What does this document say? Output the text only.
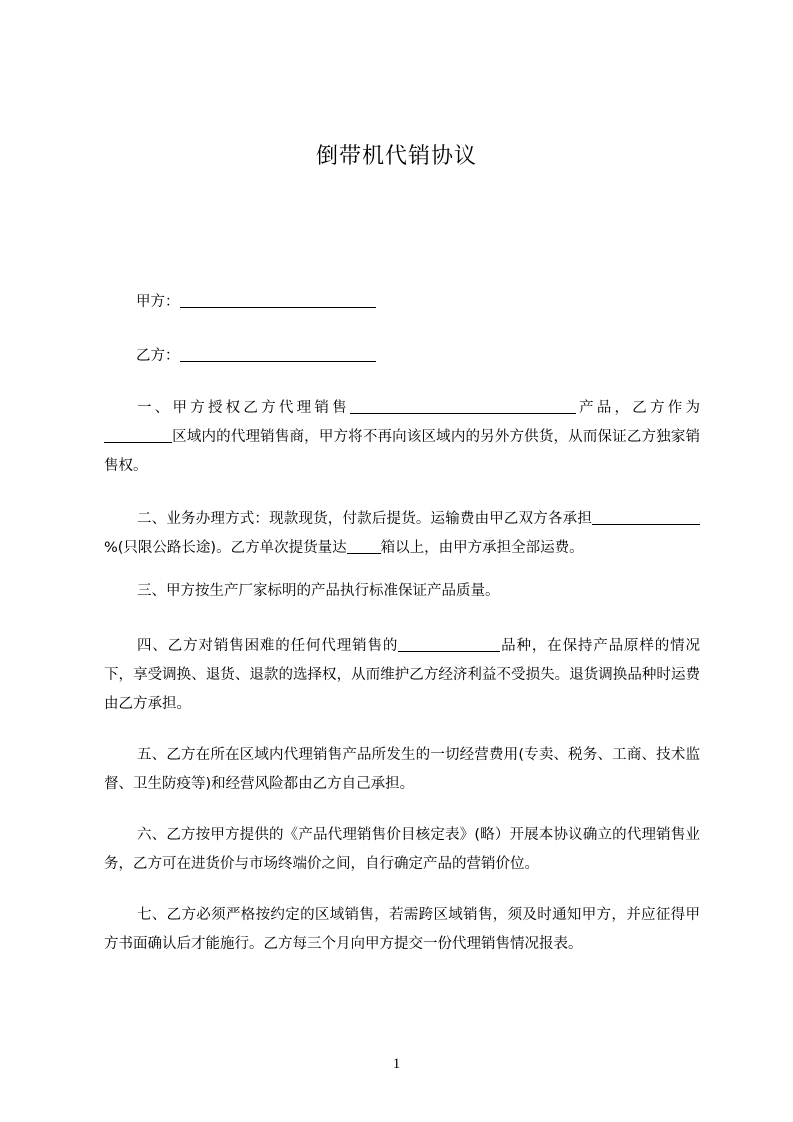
倒带机代销协议
甲方：
乙方：
一、甲方授权乙方代理销售	产品，乙方作为区域内的代理销售商，甲方将不再向该区域内的另外方供货，从而保证乙方独家销售权。
二、业务办理方式：现款现货，付款后提货。运输费由甲乙双方各承担%(只限公路长途)。乙方单次提货量达 箱以上，由甲方承担全部运费。
三、甲方按生产厂家标明的产品执行标准保证产品质量。
四、乙方对销售困难的任何代理销售的	品种，在保持产品原样的情况下，享受调换、退货、退款的选择权，从而维护乙方经济利益不受损失。退货调换品种时运费由乙方承担。
五、乙方在所在区域内代理销售产品所发生的一切经营费用(专卖、税务、工商、技术监督、卫生防疫等)和经营风险都由乙方自己承担。
六、乙方按甲方提供的《产品代理销售价目核定表》(略）开展本协议确立的代理销售业务，乙方可在进货价与市场终端价之间，自行确定产品的营销价位。
七、乙方必须严格按约定的区域销售，若需跨区域销售，须及时通知甲方，并应征得甲方书面确认后才能施行。乙方每三个月向甲方提交一份代理销售情况报表。
1
